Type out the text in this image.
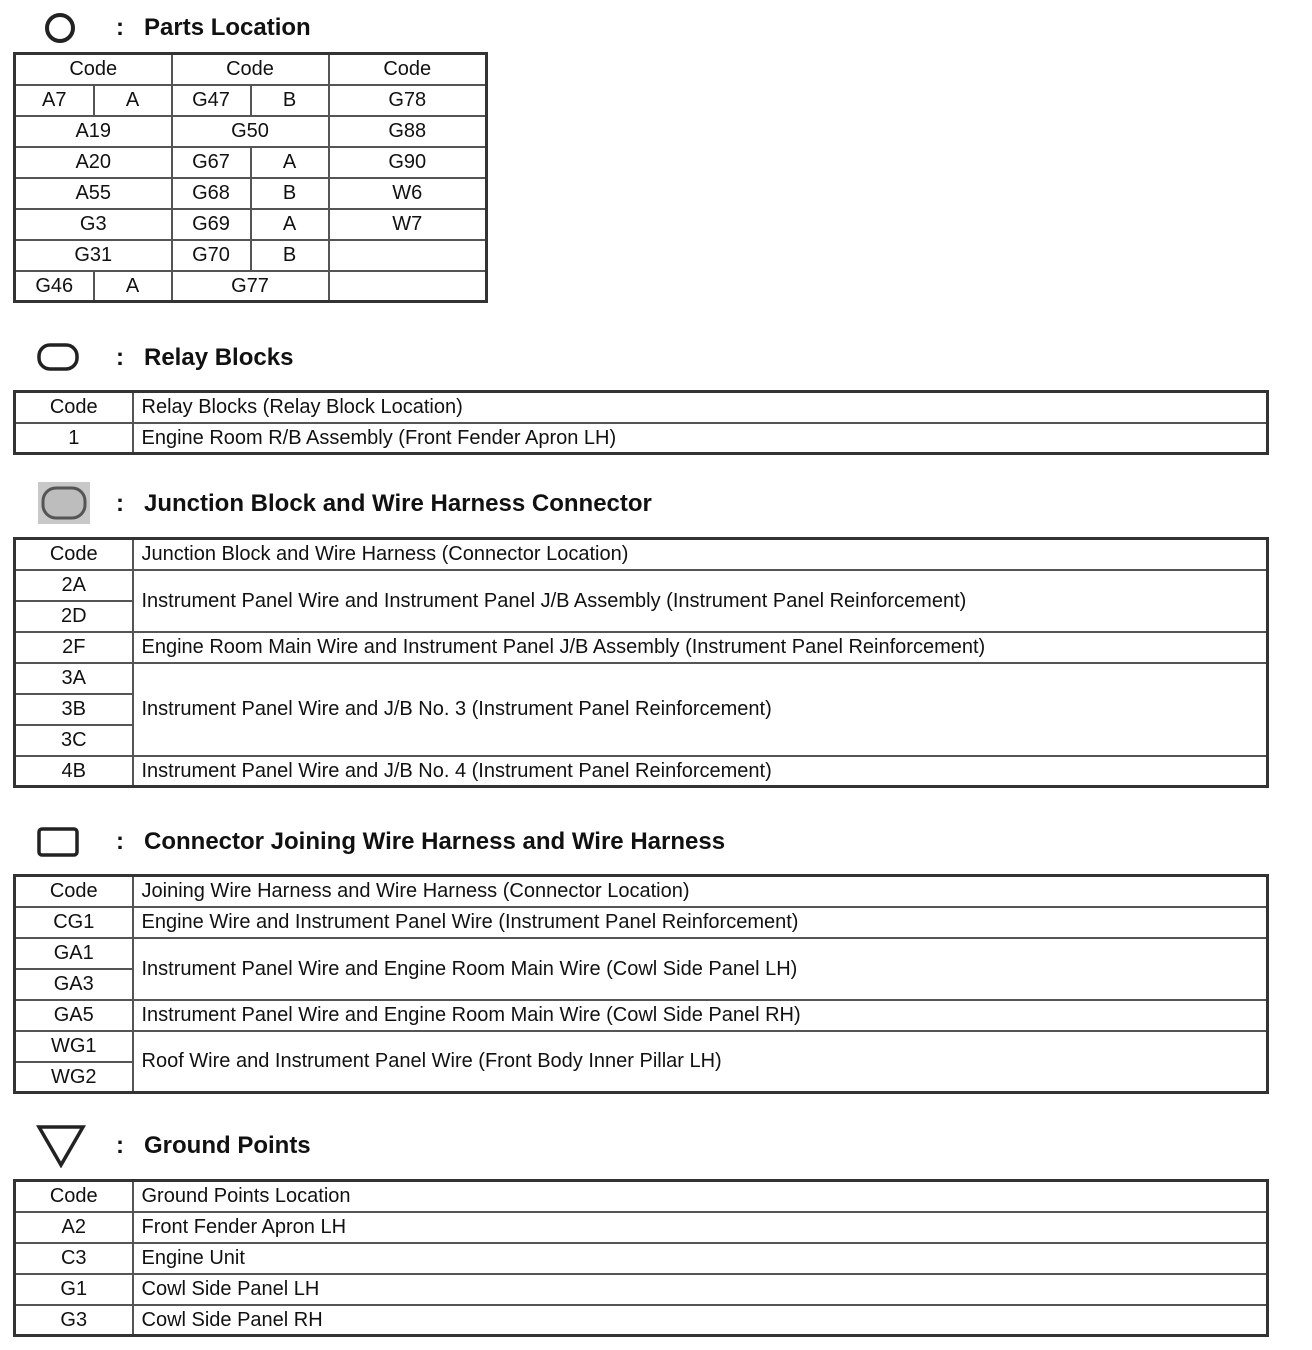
: Parts Location
Code		Code		Code
A7	A	G47	B	G78
A19		G50		G88
A20		G67	A	G90
A55		G68	B	W6
G3		G69	A	W7
G31		G70	B	
G46	A	G77		
: Relay Blocks
Code	Relay Blocks (Relay Block Location)
1	Engine Room R/B Assembly (Front Fender Apron LH)
: Junction Block and Wire Harness Connector
Code	Junction Block and Wire Harness (Connector Location)
2A	Instrument Panel Wire and Instrument Panel J/B Assembly (Instrument Panel Reinforcement)
2D	
2F	Engine Room Main Wire and Instrument Panel J/B Assembly (Instrument Panel Reinforcement)
3A	Instrument Panel Wire and J/B No. 3 (Instrument Panel Reinforcement)
3B	
3C	
4B	Instrument Panel Wire and J/B No. 4 (Instrument Panel Reinforcement)
: Connector Joining Wire Harness and Wire Harness
Code	Joining Wire Harness and Wire Harness (Connector Location)
CG1	Engine Wire and Instrument Panel Wire (Instrument Panel Reinforcement)
GA1	Instrument Panel Wire and Engine Room Main Wire (Cowl Side Panel LH)
GA3	
GA5	Instrument Panel Wire and Engine Room Main Wire (Cowl Side Panel RH)
WG1	Roof Wire and Instrument Panel Wire (Front Body Inner Pillar LH)
WG2	
: Ground Points
Code	Ground Points Location
A2	Front Fender Apron LH
C3	Engine Unit
G1	Cowl Side Panel LH
G3	Cowl Side Panel RH
